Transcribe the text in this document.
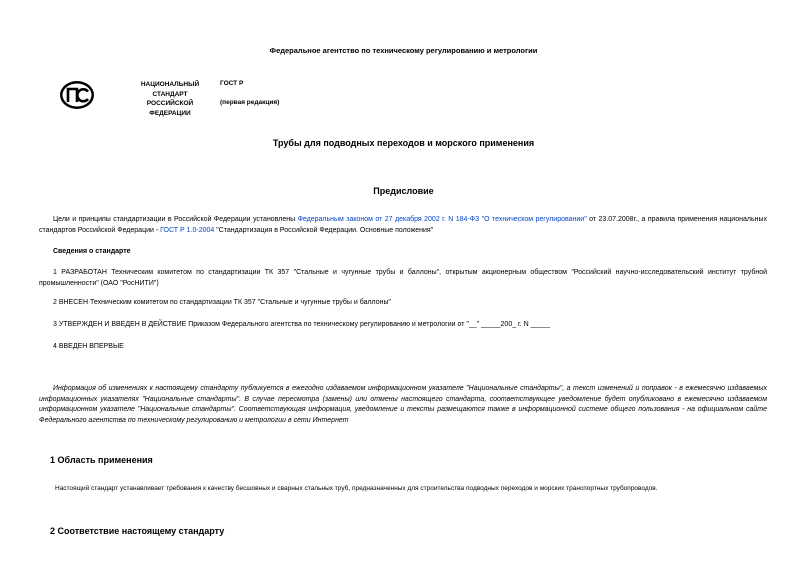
Федеральное агентство по техническому регулированию и метрологии
НАЦИОНАЛЬНЫЙ
СТАНДАРТ
РОССИЙСКОЙ
ФЕДЕРАЦИИ
ГОСТ Р
(первая редакция)
Трубы для подводных переходов и морского применения
Предисловие
Цели и принципы стандартизации в Российской Федерации установлены Федеральным законом от 27 декабря 2002 г. N 184-ФЗ "О техническом регулировании" от 23.07.2008г., а правила применения национальных стандартов Российской Федерации - ГОСТ Р 1.0-2004 "Стандартизация в Российской Федерации. Основные положения"
Сведения о стандарте
1 РАЗРАБОТАН Техническим комитетом по стандартизации ТК 357 "Стальные и чугунные трубы и баллоны", открытым акционерным обществом "Российский научно-исследовательский институт трубной промышленности" (ОАО "РосНИТИ")
2 ВНЕСЕН Техническим комитетом по стандартизации ТК 357 "Стальные и чугунные трубы и баллоны"
3 УТВЕРЖДЕН И ВВЕДЕН В ДЕЙСТВИЕ Приказом Федерального агентства по техническому регулированию и метрологии от "__" _____200_ г. N _____
4 ВВЕДЕН ВПЕРВЫЕ
Информация об изменениях к настоящему стандарту публикуется в ежегодно издаваемом информационном указателе "Национальные стандарты", а текст изменений и поправок - в ежемесячно издаваемых информационных указателях "Национальные стандарты". В случае пересмотра (замены) или отмены настоящего стандарта, соответствующее уведомление будет опубликовано в ежемесячно издаваемом информационном указателе "Национальные стандарты". Соответствующая информация, уведомление и тексты размещаются также в информационной системе общего пользования - на официальном сайте Федерального агентства по техническому регулированию и метрологии в сети Интернет
1 Область применения
Настоящий стандарт устанавливает требования к качеству бесшовных и сварных стальных труб, предназначенных для строительства подводных переходов и морских транспортных трубопроводов.
2 Соответствие настоящему стандарту
